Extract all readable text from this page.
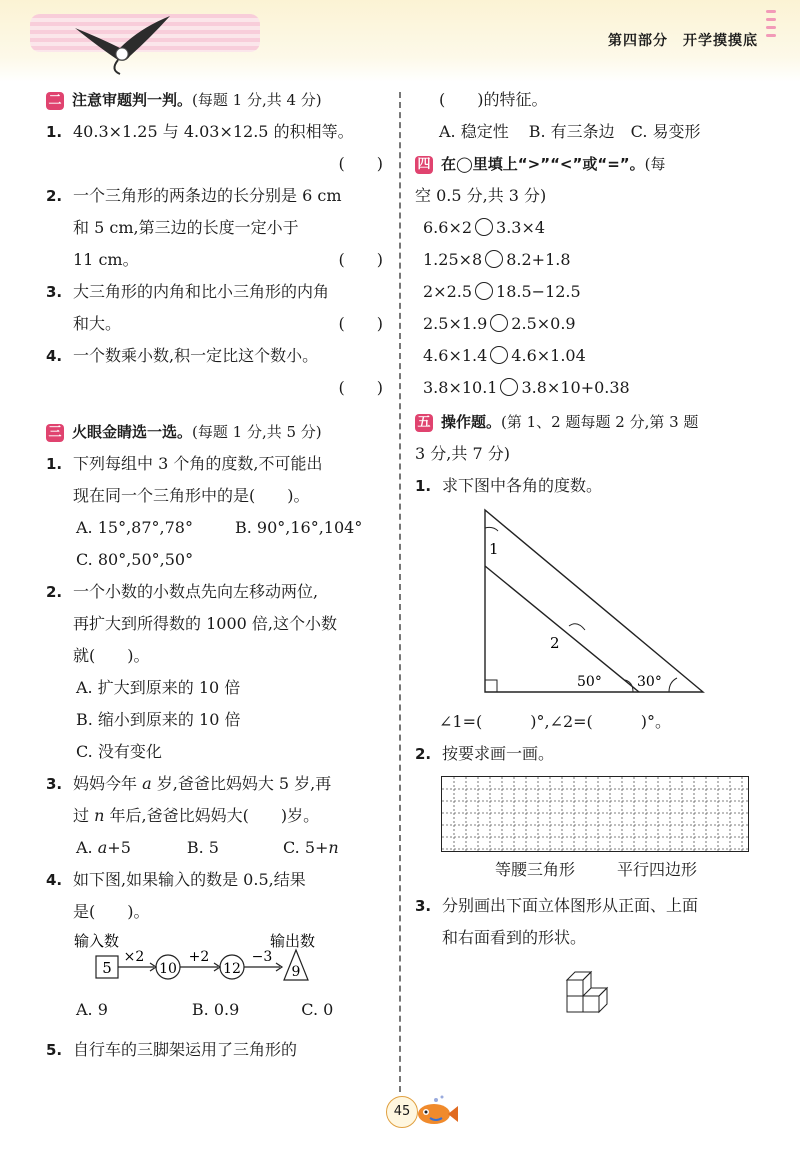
第四部分　开学摸摸底
二 注意审题判一判。(每题 1 分,共 4 分)
1. 40.3×1.25 与 4.03×12.5 的积相等。
(　　)
2. 一个三角形的两条边的长分别是 6 cm
和 5 cm,第三边的长度一定小于
11 cm。	(　　)
3. 大三角形的内角和比小三角形的内角
和大。	(　　)
4. 一个数乘小数,积一定比这个数小。
(　　)
三 火眼金睛选一选。(每题 1 分,共 5 分)
1. 下列每组中 3 个角的度数,不可能出
现在同一个三角形中的是(　　)。
A. 15°,87°,78°	B. 90°,16°,104°
C. 80°,50°,50°
2. 一个小数的小数点先向左移动两位,
再扩大到所得数的 1000 倍,这个小数
就(　　)。
A. 扩大到原来的 10 倍
B. 缩小到原来的 10 倍
C. 没有变化
3. 妈妈今年 a 岁,爸爸比妈妈大 5 岁,再
过 n 年后,爸爸比妈妈大(　　)岁。
A. a+5	B. 5	C. 5+n
4. 如下图,如果输入的数是 0.5,结果
是(　　)。
输入数	输出数
5
×2
10
+2
12
−3
9
A. 9	B. 0.9	C. 0
5. 自行车的三脚架运用了三角形的
(　　)的特征。
A. 稳定性 B. 有三条边 C. 易变形
四 在◯里填上“>”“<”或“=”。(每
空 0.5 分,共 3 分)
6.6×2 3.3×4
1.25×8 8.2+1.8
2×2.5 18.5−12.5
2.5×1.9 2.5×0.9
4.6×1.4 4.6×1.04
3.8×10.1 3.8×10+0.38
五 操作题。(第 1、2 题每题 2 分,第 3 题
3 分,共 7 分)
1. 求下图中各角的度数。
1
2
50°	30°
∠1=(　　　)°,∠2=(　　　)°。
2. 按要求画一画。
等腰三角形	平行四边形
3. 分别画出下面立体图形从正面、上面
和右面看到的形状。
45
